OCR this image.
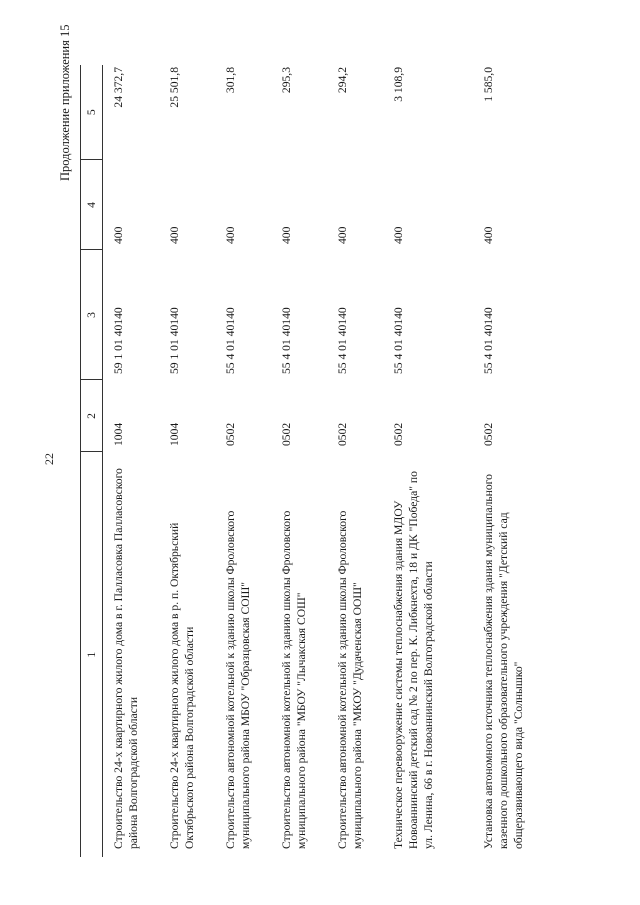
22
Продолжение приложения 15
1	2	3	4	5
Строительство 24-х квартирного жилого дома в г. Палласовка Палласовского района Волгоградской области	1004	59 1 01 40140	400	24 372,7
Строительство 24-х квартирного жилого дома в р. п. Октябрьский Октябрьского района Волгоградской области	1004	59 1 01 40140	400	25 501,8
Строительство автономной котельной к зданию школы Фроловского муниципального района МБОУ "Образцовская СОШ"	0502	55 4 01 40140	400	301,8
Строительство автономной котельной к зданию школы Фроловского муниципального района "МБОУ "Лычакская СОШ"	0502	55 4 01 40140	400	295,3
Строительство автономной котельной к зданию школы Фроловского муниципального района "МКОУ "Дудаченская ООШ"	0502	55 4 01 40140	400	294,2
Техническое перевооружение системы теплоснабжения здания МДОУ Новоаннинский детский сад № 2 по пер. К. Либкнехта, 18 и ДК "Победа" по ул. Ленина, 66 в г. Новоаннинский Волгоградской области	0502	55 4 01 40140	400	3 108,9
Установка автономного источника теплоснабжения здания муниципального казенного дошкольного образовательного учреждения "Детский сад общеразвивающего вида "Солнышко"	0502	55 4 01 40140	400	1 585,0
